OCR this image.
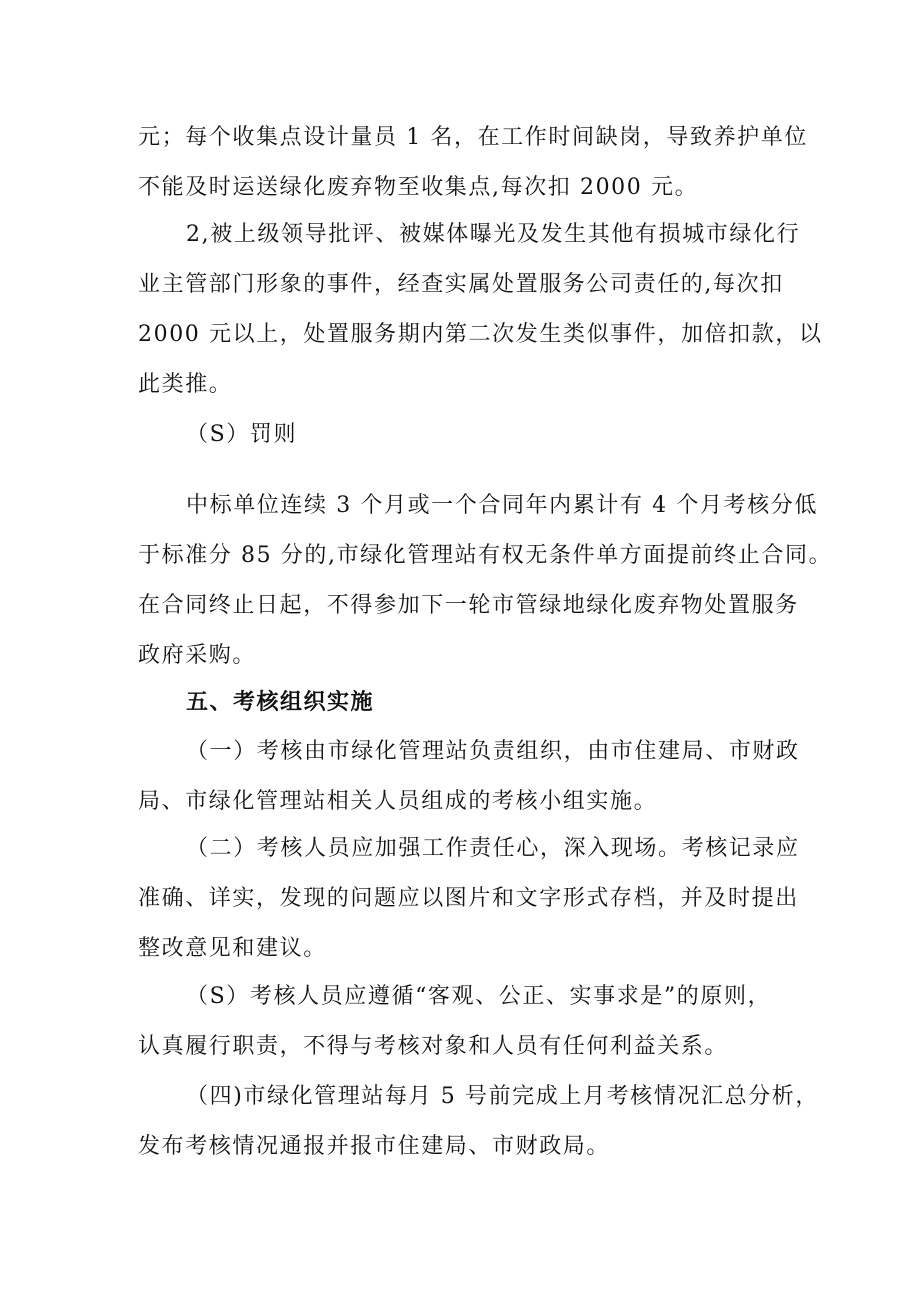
元；每个收集点设计量员 1 名，在工作时间缺岗，导致养护单位
不能及时运送绿化废弃物至收集点,每次扣 2000 元。

2,被上级领导批评、被媒体曝光及发生其他有损城市绿化行
业主管部门形象的事件，经查实属处置服务公司责任的,每次扣
2000 元以上，处置服务期内第二次发生类似事件，加倍扣款，以
此类推。

（S）罚则

中标单位连续 3 个月或一个合同年内累计有 4 个月考核分低
于标准分 85 分的,市绿化管理站有权无条件单方面提前终止合同。
在合同终止日起，不得参加下一轮市管绿地绿化废弃物处置服务
政府采购。

五、考核组织实施

（一）考核由市绿化管理站负责组织，由市住建局、市财政
局、市绿化管理站相关人员组成的考核小组实施。

（二）考核人员应加强工作责任心，深入现场。考核记录应
准确、详实，发现的问题应以图片和文字形式存档，并及时提出
整改意见和建议。

（S）考核人员应遵循“客观、公正、实事求是”的原则，
认真履行职责，不得与考核对象和人员有任何利益关系。

（四)市绿化管理站每月 5 号前完成上月考核情况汇总分析，
发布考核情况通报并报市住建局、市财政局。
